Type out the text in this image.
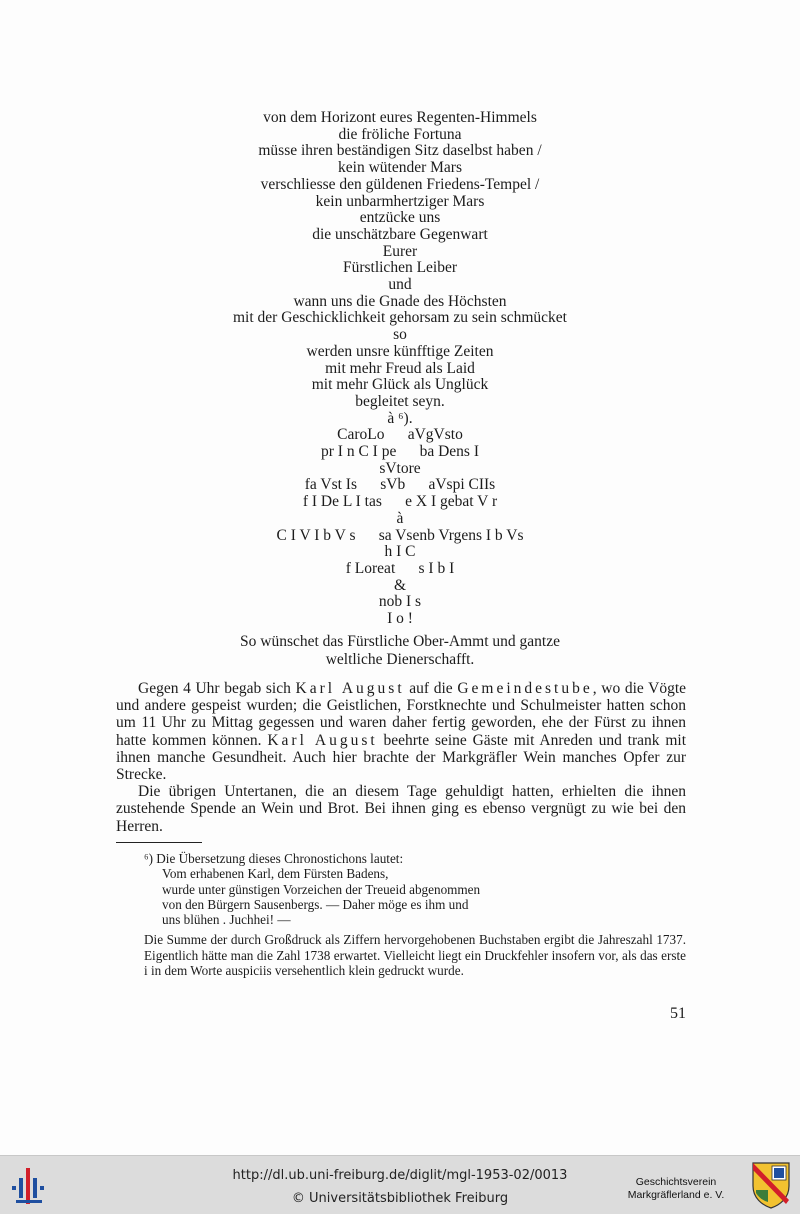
von dem Horizont eures Regenten-Himmels
die fröliche Fortuna
müsse ihren beständigen Sitz daselbst haben /
kein wütender Mars
verschliesse den güldenen Friedens-Tempel /
kein unbarmhertziger Mars
entzücke uns
die unschätzbare Gegenwart
Eurer
Fürstlichen Leiber
und
wann uns die Gnade des Höchsten
mit der Geschicklichkeit gehorsam zu sein schmücket
so
werden unsre künfftige Zeiten
mit mehr Freud als Laid
mit mehr Glück als Unglück
begleitet seyn.
à ⁶).
CaroLo      aVgVsto
pr I n C I pe      ba Dens I
sVtore
fa Vst Is      sVb      aVspi CIIs
f I De L I tas      e X I gebat V r
à
C I V I b V s      sa Vsenb Vrgens I b Vs
h I C
f Loreat      s I b I
&
nob I s
I o !
So wünschet das Fürstliche Ober-Ammt und gantze
weltliche Dienerschafft.

Gegen 4 Uhr begab sich Karl August auf die Gemeindestube, wo die Vögte und andere gespeist wurden; die Geistlichen, Forstknechte und Schulmeister hatten schon um 11 Uhr zu Mittag gegessen und waren daher fertig geworden, ehe der Fürst zu ihnen hatte kommen können. Karl August beehrte seine Gäste mit Anreden und trank mit ihnen manche Gesundheit. Auch hier brachte der Markgräfler Wein manches Opfer zur Strecke.

Die übrigen Untertanen, die an diesem Tage gehuldigt hatten, erhielten die ihnen zustehende Spende an Wein und Brot. Bei ihnen ging es ebenso vergnügt zu wie bei den Herren.

⁶) Die Übersetzung dieses Chronostichons lautet:
Vom erhabenen Karl, dem Fürsten Badens,
wurde unter günstigen Vorzeichen der Treueid abgenommen
von den Bürgern Sausenbergs. — Daher möge es ihm und
uns blühen . Juchhei! —
Die Summe der durch Großdruck als Ziffern hervorgehobenen Buchstaben ergibt die Jahreszahl 1737. Eigentlich hätte man die Zahl 1738 erwartet. Vielleicht liegt ein Druckfehler insofern vor, als das erste i in dem Worte auspiciis versehentlich klein gedruckt wurde.
51
http://dl.ub.uni-freiburg.de/diglit/mgl-1953-02/0013
© Universitätsbibliothek Freiburg
Geschichtsverein
Markgräflerland e. V.
